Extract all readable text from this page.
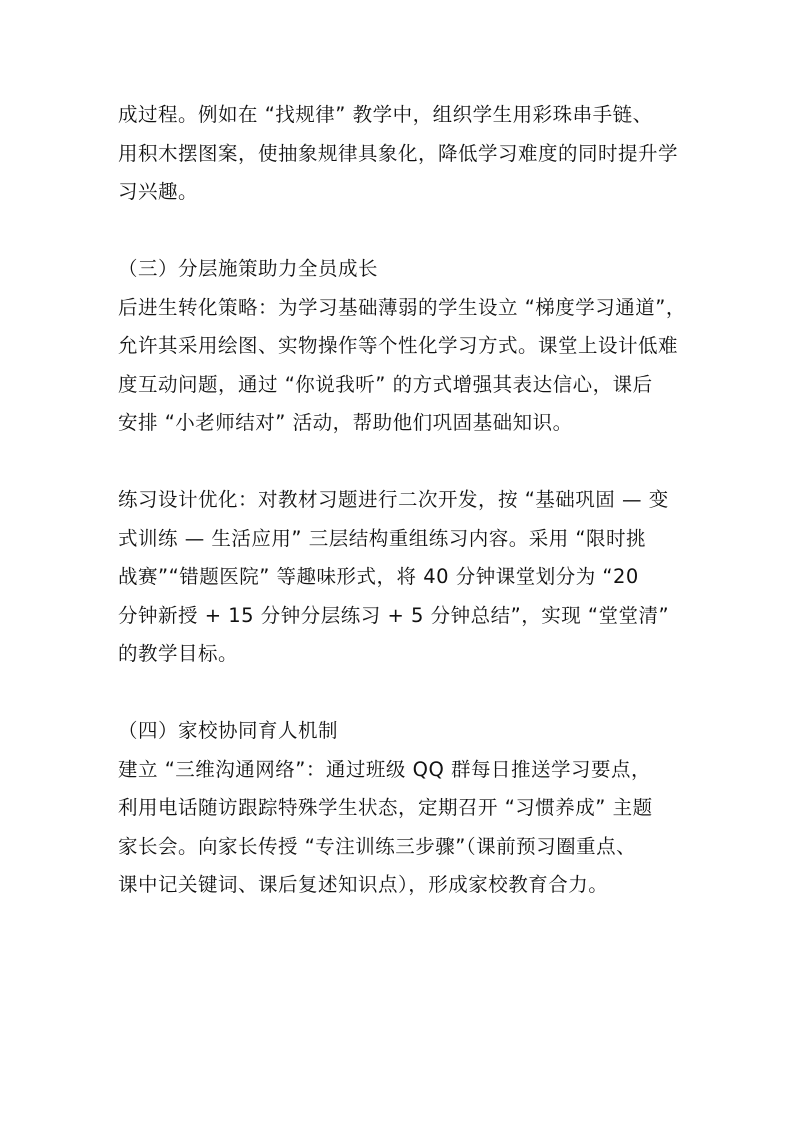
成过程。例如在 “找规律” 教学中，组织学生用彩珠串手链、
用积木摆图案，使抽象规律具象化，降低学习难度的同时提升学
习兴趣。
（三）分层施策助力全员成长
后进生转化策略：为学习基础薄弱的学生设立 “梯度学习通道”，
允许其采用绘图、实物操作等个性化学习方式。课堂上设计低难
度互动问题，通过 “你说我听” 的方式增强其表达信心，课后
安排 “小老师结对” 活动，帮助他们巩固基础知识。
练习设计优化：对教材习题进行二次开发，按 “基础巩固 — 变
式训练 — 生活应用” 三层结构重组练习内容。采用 “限时挑
战赛”“错题医院” 等趣味形式，将 40 分钟课堂划分为 “20
分钟新授 + 15 分钟分层练习 + 5 分钟总结”，实现 “堂堂清”
的教学目标。
（四）家校协同育人机制
建立 “三维沟通网络”：通过班级 QQ 群每日推送学习要点，
利用电话随访跟踪特殊学生状态，定期召开 “习惯养成” 主题
家长会。向家长传授 “专注训练三步骤”（课前预习圈重点、
课中记关键词、课后复述知识点），形成家校教育合力。
